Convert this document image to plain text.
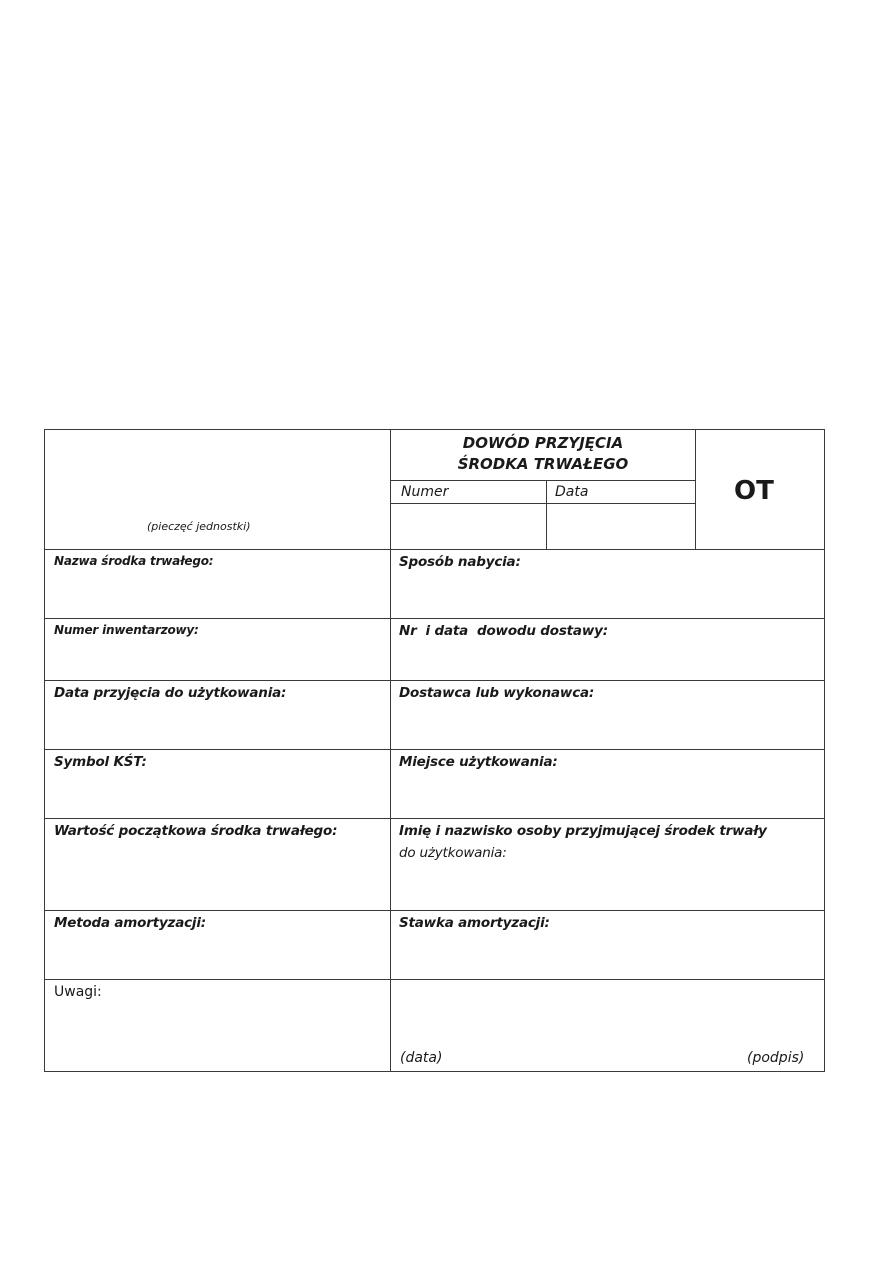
(pieczęć jednostki)
DOWÓD PRZYJĘCIA
ŚRODKA TRWAŁEGO
Numer	Data	OT
Nazwa środka trwałego:	Sposób nabycia:
Numer inwentarzowy:	Nr  i data  dowodu dostawy:
Data przyjęcia do użytkowania:	Dostawca lub wykonawca:
Symbol KŚT:	Miejsce użytkowania:
Wartość początkowa środka trwałego:	Imię i nazwisko osoby przyjmującej środek trwały
do użytkowania:
Metoda amortyzacji:	Stawka amortyzacji:
Uwagi:
(data)	(podpis)
